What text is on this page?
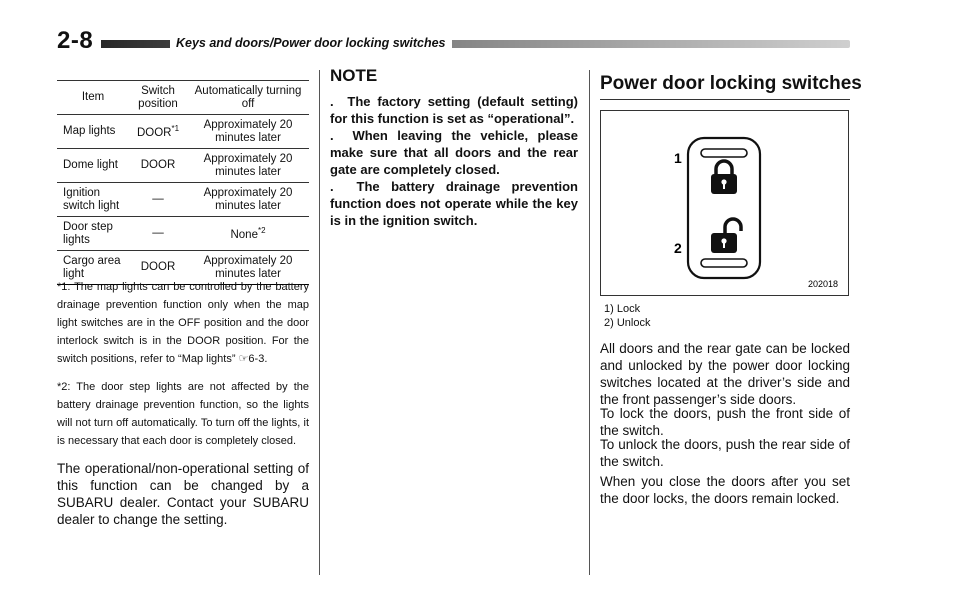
2-8	Keys and doors/Power door locking switches
Item	Switch position	Automatically turning off
Map lights	DOOR$^{*1}$	Approximately 20 minutes later
Dome light	DOOR	Approximately 20 minutes later
Ignition switch light	—	Approximately 20 minutes later
Door step lights	—	None$^{*2}$
Cargo area light	DOOR	Approximately 20 minutes later
*1: The map lights can be controlled by the battery drainage prevention function only when the map light switches are in the OFF position and the door interlock switch is in the DOOR position. For the switch positions, refer to “Map lights” ☞6-3.
*2: The door step lights are not affected by the battery drainage prevention function, so the lights will not turn off automatically. To turn off the lights, it is necessary that each door is completely closed.
The operational/non-operational setting of this function can be changed by a SUBARU dealer. Contact your SUBARU dealer to change the setting.
NOTE
.  The factory setting (default setting) for this function is set as “operational”.
.  When leaving the vehicle, please make sure that all doors and the rear gate are completely closed.
.  The battery drainage prevention function does not operate while the key is in the ignition switch.
Power door locking switches
1
2
202018
1) Lock
2) Unlock
All doors and the rear gate can be locked and unlocked by the power door locking switches located at the driver’s side and the front passenger’s side doors.
To lock the doors, push the front side of the switch.
To unlock the doors, push the rear side of the switch.
When you close the doors after you set the door locks, the doors remain locked.
